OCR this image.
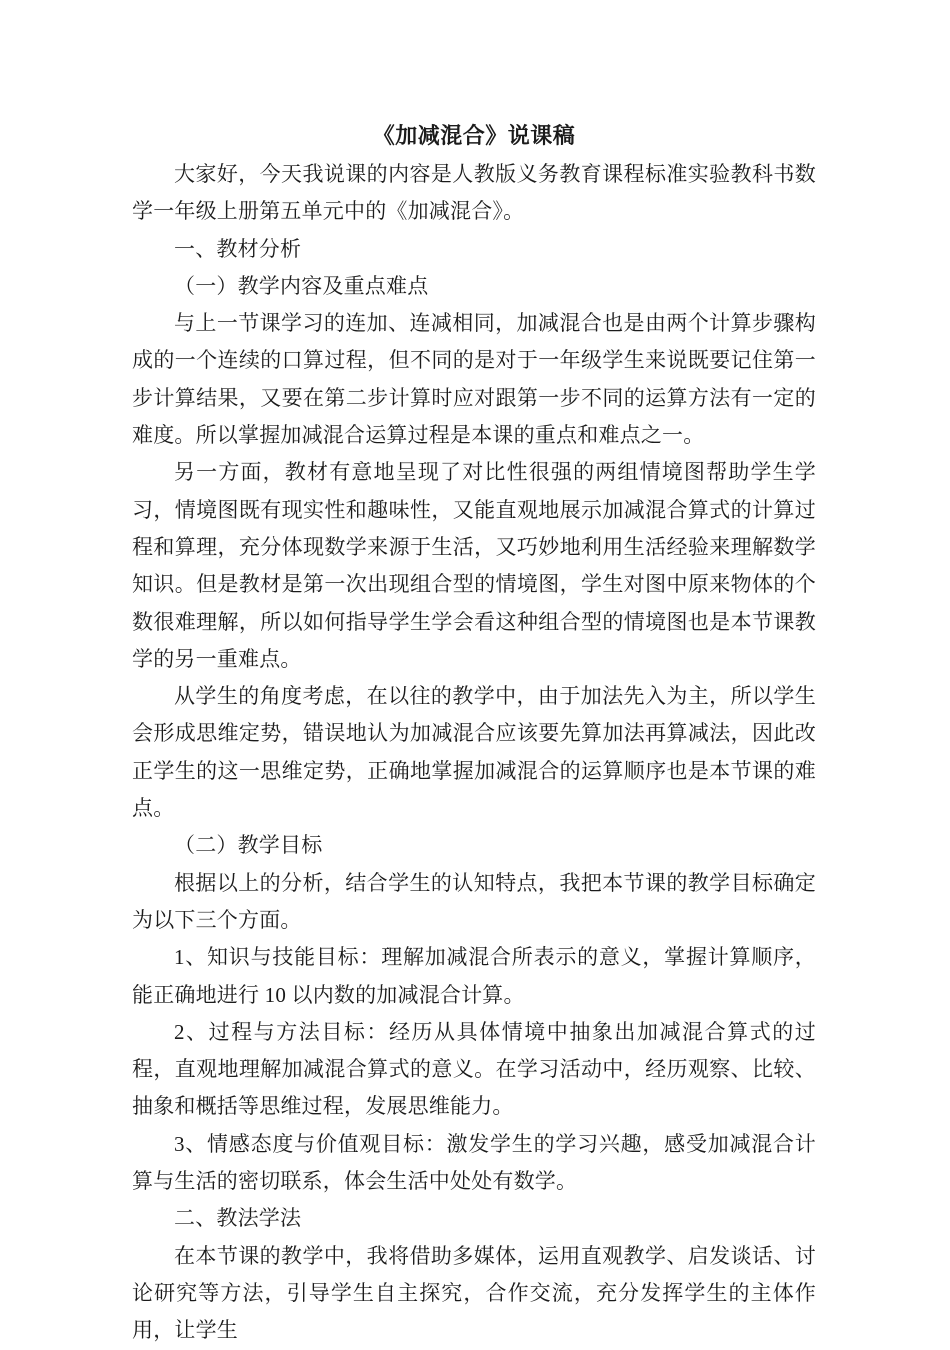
《加减混合》说课稿

大家好，今天我说课的内容是人教版义务教育课程标准实验教科书数学一年级上册第五单元中的《加减混合》。

一、教材分析

（一）教学内容及重点难点

与上一节课学习的连加、连减相同，加减混合也是由两个计算步骤构成的一个连续的口算过程，但不同的是对于一年级学生来说既要记住第一步计算结果，又要在第二步计算时应对跟第一步不同的运算方法有一定的难度。所以掌握加减混合运算过程是本课的重点和难点之一。

另一方面，教材有意地呈现了对比性很强的两组情境图帮助学生学习，情境图既有现实性和趣味性，又能直观地展示加减混合算式的计算过程和算理，充分体现数学来源于生活，又巧妙地利用生活经验来理解数学知识。但是教材是第一次出现组合型的情境图，学生对图中原来物体的个数很难理解，所以如何指导学生学会看这种组合型的情境图也是本节课教学的另一重难点。

从学生的角度考虑，在以往的教学中，由于加法先入为主，所以学生会形成思维定势，错误地认为加减混合应该要先算加法再算减法，因此改正学生的这一思维定势，正确地掌握加减混合的运算顺序也是本节课的难点。

（二）教学目标

根据以上的分析，结合学生的认知特点，我把本节课的教学目标确定为以下三个方面。

1、知识与技能目标：理解加减混合所表示的意义，掌握计算顺序，能正确地进行 10 以内数的加减混合计算。

2、过程与方法目标：经历从具体情境中抽象出加减混合算式的过程，直观地理解加减混合算式的意义。在学习活动中，经历观察、比较、抽象和概括等思维过程，发展思维能力。

3、情感态度与价值观目标：激发学生的学习兴趣，感受加减混合计算与生活的密切联系，体会生活中处处有数学。

二、教法学法

在本节课的教学中，我将借助多媒体，运用直观教学、启发谈话、讨论研究等方法，引导学生自主探究，合作交流，充分发挥学生的主体作用，让学生
